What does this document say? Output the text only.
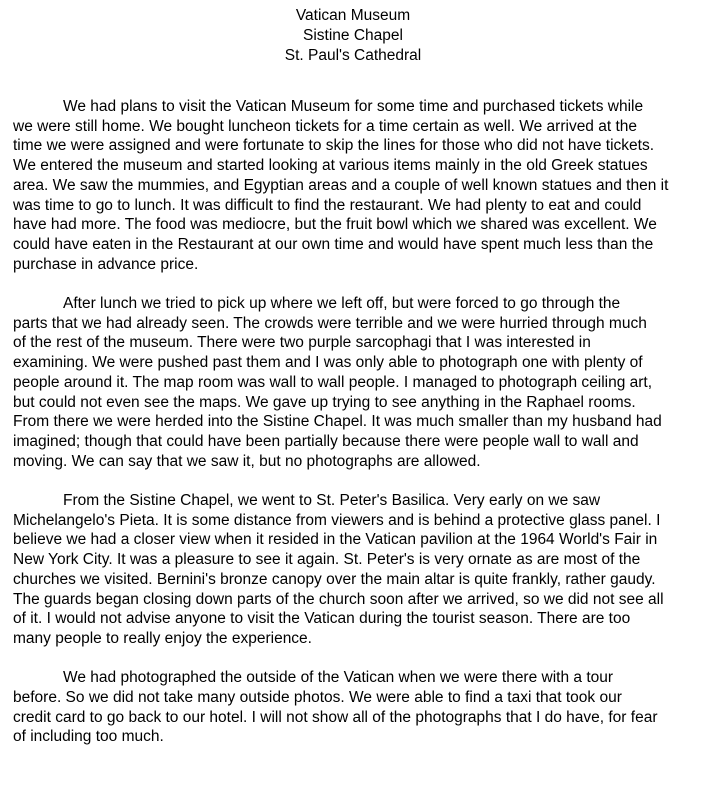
Vatican Museum
Sistine Chapel
St. Paul's Cathedral

We had plans to visit the Vatican Museum for some time and purchased tickets while
we were still home. We bought luncheon tickets for a time certain as well. We arrived at the
time we were assigned and were fortunate to skip the lines for those who did not have tickets.
We entered the museum and started looking at various items mainly in the old Greek statues
area. We saw the mummies, and Egyptian areas and a couple of well known statues and then it
was time to go to lunch. It was difficult to find the restaurant. We had plenty to eat and could
have had more. The food was mediocre, but the fruit bowl which we shared was excellent. We
could have eaten in the Restaurant at our own time and would have spent much less than the
purchase in advance price.

After lunch we tried to pick up where we left off, but were forced to go through the
parts that we had already seen. The crowds were terrible and we were hurried through much
of the rest of the museum. There were two purple sarcophagi that I was interested in
examining. We were pushed past them and I was only able to photograph one with plenty of
people around it. The map room was wall to wall people. I managed to photograph ceiling art,
but could not even see the maps. We gave up trying to see anything in the Raphael rooms.
From there we were herded into the Sistine Chapel. It was much smaller than my husband had
imagined; though that could have been partially because there were people wall to wall and
moving. We can say that we saw it, but no photographs are allowed.

From the Sistine Chapel, we went to St. Peter's Basilica. Very early on we saw
Michelangelo's Pieta. It is some distance from viewers and is behind a protective glass panel. I
believe we had a closer view when it resided in the Vatican pavilion at the 1964 World's Fair in
New York City. It was a pleasure to see it again. St. Peter's is very ornate as are most of the
churches we visited. Bernini's bronze canopy over the main altar is quite frankly, rather gaudy.
The guards began closing down parts of the church soon after we arrived, so we did not see all
of it. I would not advise anyone to visit the Vatican during the tourist season. There are too
many people to really enjoy the experience.

We had photographed the outside of the Vatican when we were there with a tour
before. So we did not take many outside photos. We were able to find a taxi that took our
credit card to go back to our hotel. I will not show all of the photographs that I do have, for fear
of including too much.
